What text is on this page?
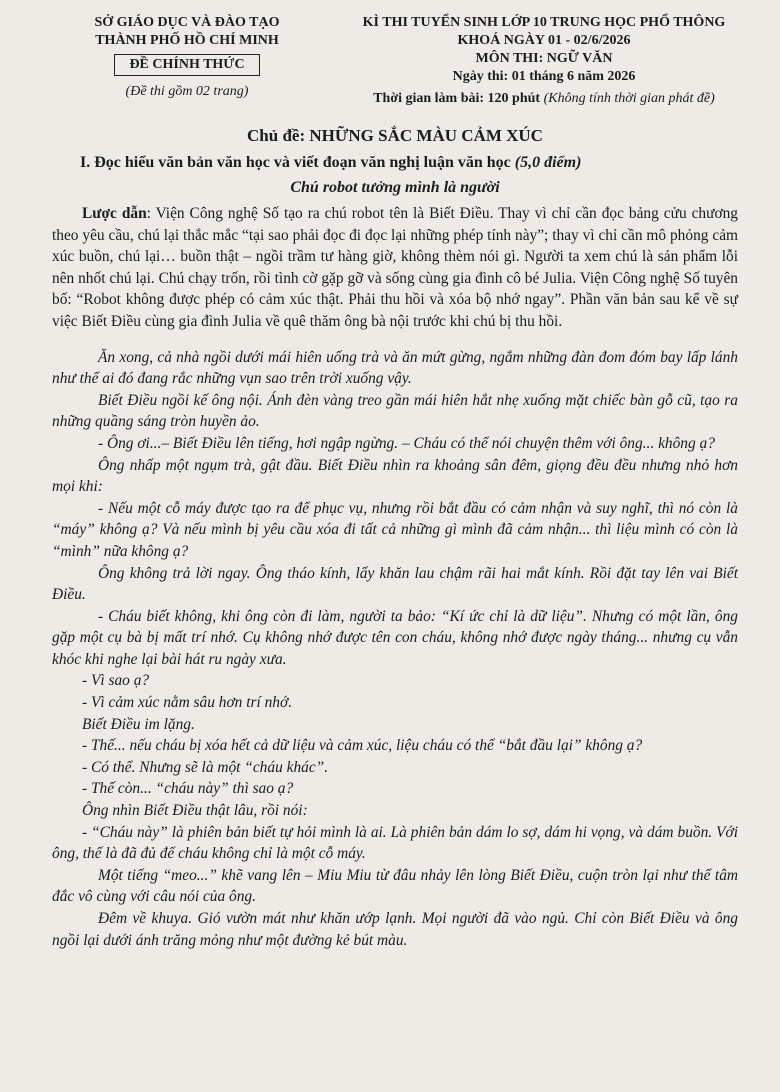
SỞ GIÁO DỤC VÀ ĐÀO TẠO
THÀNH PHỐ HỒ CHÍ MINH
ĐỀ CHÍNH THỨC
(Đề thi gồm 02 trang)
KÌ THI TUYỂN SINH LỚP 10 TRUNG HỌC PHỔ THÔNG
KHOÁ NGÀY 01 - 02/6/2026
MÔN THI: NGỮ VĂN
Ngày thi: 01 tháng 6 năm 2026
Thời gian làm bài: 120 phút (Không tính thời gian phát đề)
Chủ đề: NHỮNG SẮC MÀU CẢM XÚC
I. Đọc hiểu văn bản văn học và viết đoạn văn nghị luận văn học (5,0 điểm)
Chú robot tưởng mình là người

Lược dẫn: Viện Công nghệ Số tạo ra chú robot tên là Biết Điều. Thay vì chỉ cần đọc bảng cửu chương theo yêu cầu, chú lại thắc mắc “tại sao phải đọc đi đọc lại những phép tính này”; thay vì chỉ cần mô phỏng cảm xúc buồn, chú lại… buồn thật – ngồi trầm tư hàng giờ, không thèm nói gì. Người ta xem chú là sản phẩm lỗi nên nhốt chú lại. Chú chạy trốn, rồi tình cờ gặp gỡ và sống cùng gia đình cô bé Julia. Viện Công nghệ Số tuyên bố: “Robot không được phép có cảm xúc thật. Phải thu hồi và xóa bộ nhớ ngay”. Phần văn bản sau kể về sự việc Biết Điều cùng gia đình Julia về quê thăm ông bà nội trước khi chú bị thu hồi.

Ăn xong, cả nhà ngồi dưới mái hiên uống trà và ăn mứt gừng, ngắm những đàn đom đóm bay lấp lánh như thể ai đó đang rắc những vụn sao trên trời xuống vậy.

Biết Điều ngồi kế ông nội. Ánh đèn vàng treo gần mái hiên hắt nhẹ xuống mặt chiếc bàn gỗ cũ, tạo ra những quầng sáng tròn huyền ảo.

- Ông ơi...– Biết Điều lên tiếng, hơi ngập ngừng. – Cháu có thể nói chuyện thêm với ông... không ạ?

Ông nhấp một ngụm trà, gật đầu. Biết Điều nhìn ra khoảng sân đêm, giọng đều đều nhưng nhỏ hơn mọi khi:

- Nếu một cỗ máy được tạo ra để phục vụ, nhưng rồi bắt đầu có cảm nhận và suy nghĩ, thì nó còn là “máy” không ạ? Và nếu mình bị yêu cầu xóa đi tất cả những gì mình đã cảm nhận... thì liệu mình có còn là “mình” nữa không ạ?

Ông không trả lời ngay. Ông tháo kính, lấy khăn lau chậm rãi hai mắt kính. Rồi đặt tay lên vai Biết Điều.

- Cháu biết không, khi ông còn đi làm, người ta bảo: “Kí ức chỉ là dữ liệu”. Nhưng có một lần, ông gặp một cụ bà bị mất trí nhớ. Cụ không nhớ được tên con cháu, không nhớ được ngày tháng... nhưng cụ vẫn khóc khi nghe lại bài hát ru ngày xưa.

- Vì sao ạ?

- Vì cảm xúc nằm sâu hơn trí nhớ.

Biết Điều im lặng.

- Thế... nếu cháu bị xóa hết cả dữ liệu và cảm xúc, liệu cháu có thể “bắt đầu lại” không ạ?

- Có thể. Nhưng sẽ là một “cháu khác”.

- Thế còn... “cháu này” thì sao ạ?

Ông nhìn Biết Điều thật lâu, rồi nói:

- “Cháu này” là phiên bản biết tự hỏi mình là ai. Là phiên bản dám lo sợ, dám hi vọng, và dám buồn. Với ông, thế là đã đủ để cháu không chỉ là một cỗ máy.

Một tiếng “meo...” khẽ vang lên – Miu Miu từ đâu nhảy lên lòng Biết Điều, cuộn tròn lại như thể tâm đắc vô cùng với câu nói của ông.

Đêm về khuya. Gió vườn mát như khăn ướp lạnh. Mọi người đã vào ngủ. Chỉ còn Biết Điều và ông ngồi lại dưới ánh trăng mỏng như một đường kẻ bút màu.
